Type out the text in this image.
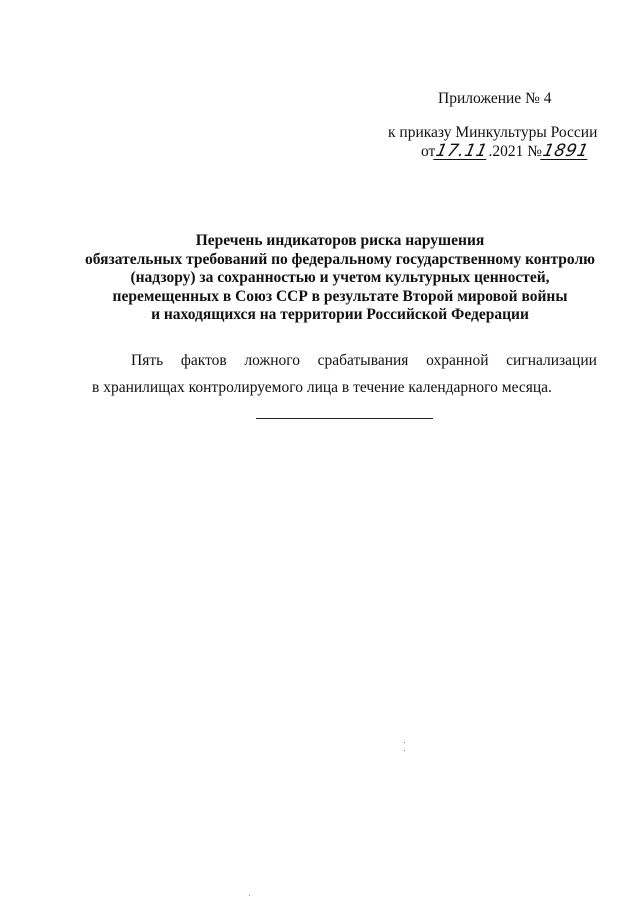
Приложение № 4
к приказу Минкультуры России
от17.11.2021 №1891
Перечень индикаторов риска нарушения
обязательных требований по федеральному государственному контролю
(надзору) за сохранностью и учетом культурных ценностей,
перемещенных в Союз ССР в результате Второй мировой войны
и находящихся на территории Российской Федерации
Пять фактов ложного срабатывания охранной сигнализации
в хранилищах контролируемого лица в течение календарного месяца.
